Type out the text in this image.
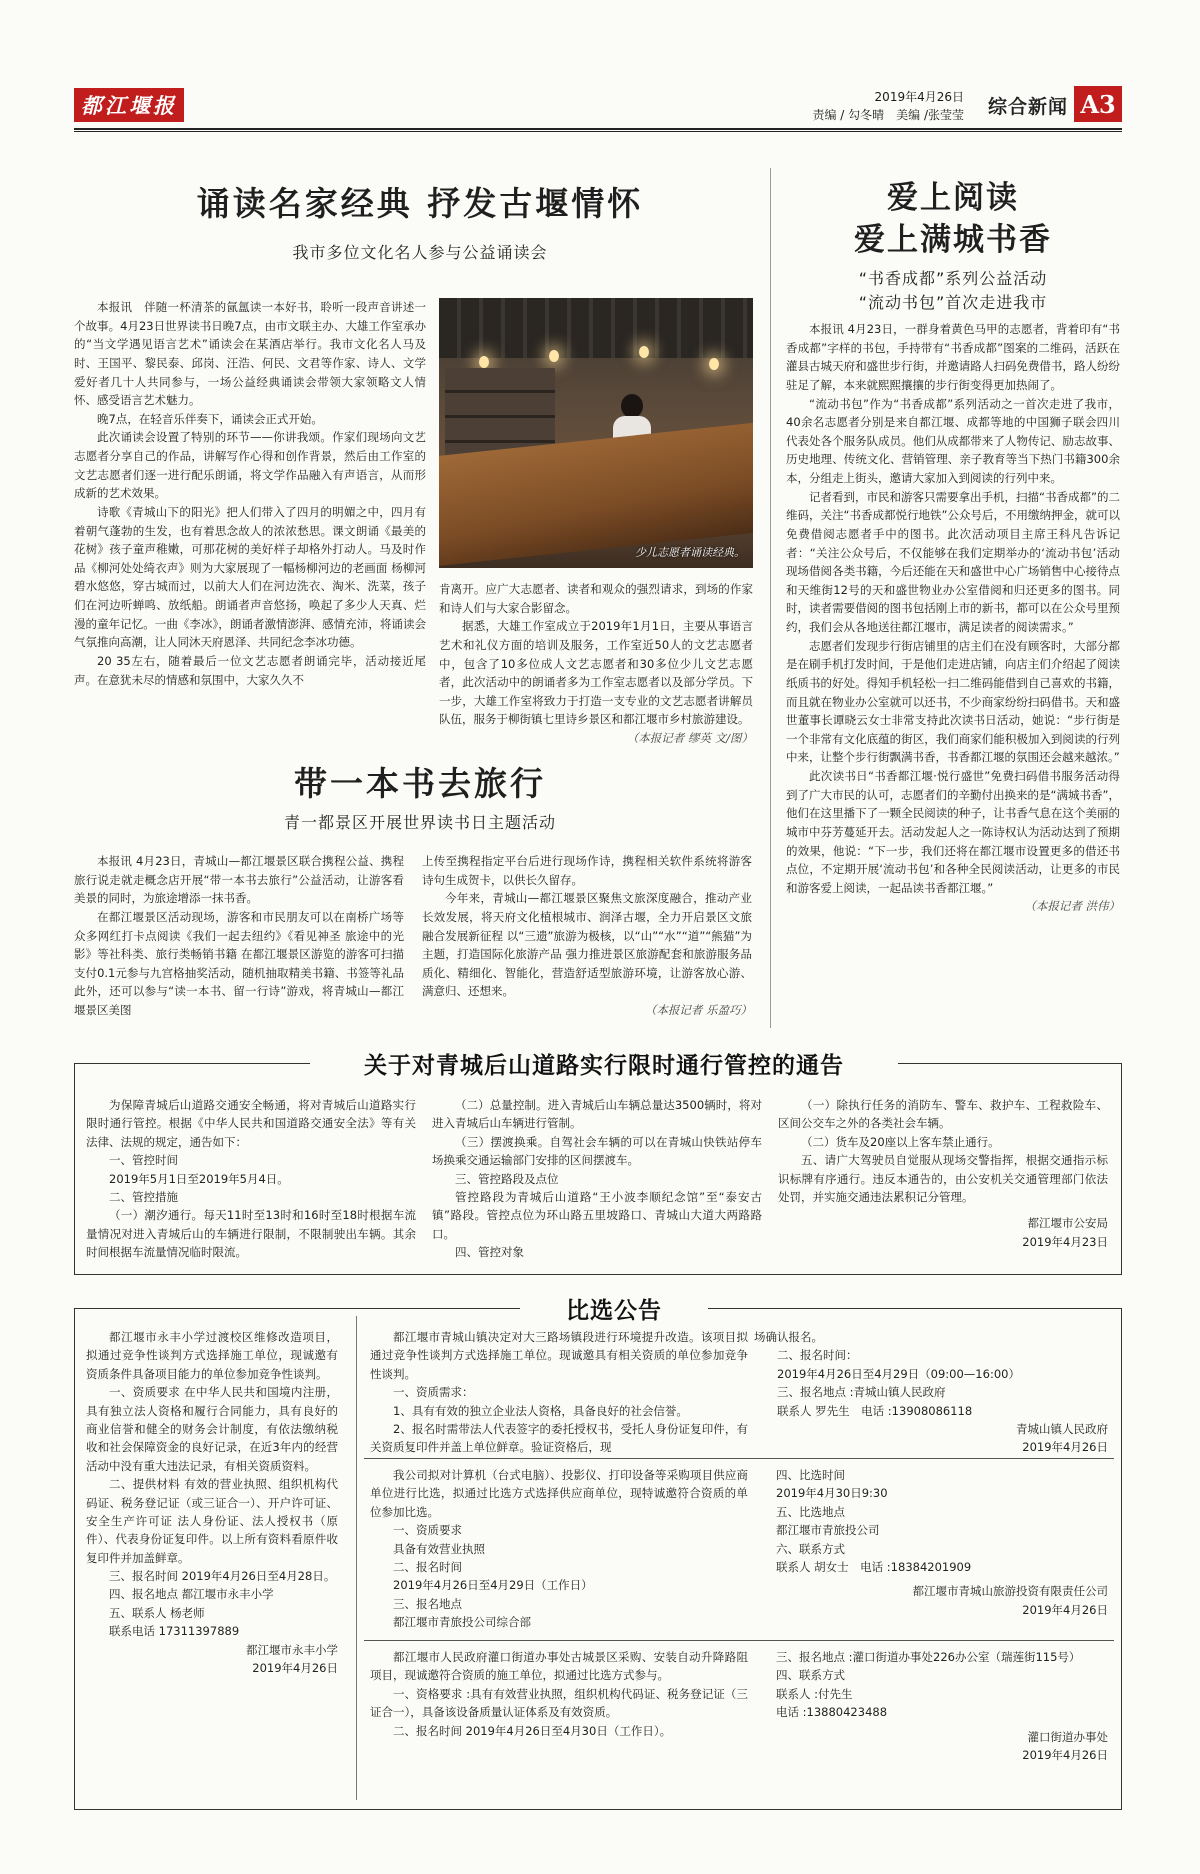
都江堰报	2019年4月26日
责编 / 勾冬晴　美编 /张莹莹 综合新闻 A3
诵读名家经典 抒发古堰情怀
我市多位文化名人参与公益诵读会

本报讯　伴随一杯清茶的氤氲读一本好书，聆听一段声音讲述一个故事。4月23日世界读书日晚7点，由市文联主办、大雄工作室承办的“当文学遇见语言艺术”诵读会在某酒店举行。我市文化名人马及时、王国平、黎民泰、邱岗、汪浩、何民、文君等作家、诗人、文学爱好者几十人共同参与，一场公益经典诵读会带领大家领略文人情怀、感受语言艺术魅力。

晚7点，在轻音乐伴奏下，诵读会正式开始。

此次诵读会设置了特别的环节——你讲我颂。作家们现场向文艺志愿者分享自己的作品，讲解写作心得和创作背景，然后由工作室的文艺志愿者们逐一进行配乐朗诵，将文学作品融入有声语言，从而形成新的艺术效果。

诗歌《青城山下的阳光》把人们带入了四月的明媚之中，四月有着朝气蓬勃的生发，也有着思念故人的浓浓愁思。课文朗诵《最美的花树》孩子童声稚嫩，可那花树的美好样子却格外打动人。马及时作品《柳河处处绮衣声》则为大家展现了一幅杨柳河边的老画面 杨柳河碧水悠悠，穿古城而过，以前大人们在河边洗衣、淘米、洗菜，孩子们在河边听蝉鸣、放纸船。朗诵者声音悠扬，唤起了多少人天真、烂漫的童年记忆。一曲《李冰》，朗诵者激情澎湃、感情充沛，将诵读会气氛推向高潮，让人同沐天府恩泽、共同纪念李冰功德。

20 35左右，随着最后一位文艺志愿者朗诵完毕，活动接近尾声。在意犹未尽的情感和氛围中，大家久久不

少儿志愿者诵读经典。

肯离开。应广大志愿者、读者和观众的强烈请求，到场的作家和诗人们与大家合影留念。

据悉，大雄工作室成立于2019年1月1日，主要从事语言艺术和礼仪方面的培训及服务，工作室近50人的文艺志愿者中，包含了10多位成人文艺志愿者和30多位少儿文艺志愿者，此次活动中的朗诵者多为工作室志愿者以及部分学员。下一步，大雄工作室将致力于打造一支专业的文艺志愿者讲解员队伍，服务于柳街镇七里诗乡景区和都江堰市乡村旅游建设。

（本报记者 缪英 文/图）
带一本书去旅行
青一都景区开展世界读书日主题活动

本报讯 4月23日，青城山—都江堰景区联合携程公益、携程旅行说走就走概念店开展“带一本书去旅行”公益活动，让游客看美景的同时，为旅途增添一抹书香。

在都江堰景区活动现场，游客和市民朋友可以在南桥广场等众多网红打卡点阅读《我们一起去纽约》《看见神圣 旅途中的光影》等社科类、旅行类畅销书籍 在都江堰景区游览的游客可扫描支付0.1元参与九宫格抽奖活动，随机抽取精美书籍、书签等礼品 此外，还可以参与“读一本书、留一行诗”游戏，将青城山—都江堰景区美图

上传至携程指定平台后进行现场作诗，携程相关软件系统将游客诗句生成贺卡，以供长久留存。

今年来，青城山—都江堰景区聚焦文旅深度融合，推动产业长效发展，将天府文化植根城市、润泽古堰，全力开启景区文旅融合发展新征程 以“三遗”旅游为极核，以“山”“水”“道”“熊猫”为主题，打造国际化旅游产品 强力推进景区旅游配套和旅游服务品质化、精细化、智能化，营造舒适型旅游环境，让游客放心游、满意归、还想来。

（本报记者 乐盈巧）
爱上阅读
爱上满城书香
“书香成都”系列公益活动
“流动书包”首次走进我市

本报讯 4月23日，一群身着黄色马甲的志愿者，背着印有“书香成都”字样的书包，手持带有“书香成都”图案的二维码，活跃在灌县古城天府和盛世步行街，并邀请路人扫码免费借书，路人纷纷驻足了解，本来就熙熙攘攘的步行街变得更加热闹了。

“流动书包”作为“书香成都”系列活动之一首次走进了我市，40余名志愿者分别是来自都江堰、成都等地的中国狮子联会四川代表处各个服务队成员。他们从成都带来了人物传记、励志故事、历史地理、传统文化、营销管理、亲子教育等当下热门书籍300余本，分组走上街头，邀请大家加入到阅读的行列中来。

记者看到，市民和游客只需要拿出手机，扫描“书香成都”的二维码，关注“书香成都悦行地铁”公众号后，不用缴纳押金，就可以免费借阅志愿者手中的图书。此次活动项目主席王科凡告诉记者：“关注公众号后，不仅能够在我们定期举办的‘流动书包’活动现场借阅各类书籍，今后还能在天和盛世中心广场销售中心接待点和天维街12号的天和盛世物业办公室借阅和归还更多的图书。同时，读者需要借阅的图书包括刚上市的新书，都可以在公众号里预约，我们会从各地送往都江堰市，满足读者的阅读需求。”

志愿者们发现步行街店铺里的店主们在没有顾客时，大部分都是在刷手机打发时间，于是他们走进店铺，向店主们介绍起了阅读纸质书的好处。得知手机轻松一扫二维码能借到自己喜欢的书籍，而且就在物业办公室就可以还书，不少商家纷纷扫码借书。天和盛世董事长谭晓云女士非常支持此次读书日活动，她说：“步行街是一个非常有文化底蕴的街区，我们商家们能积极加入到阅读的行列中来，让整个步行街飘满书香，书香都江堰的氛围还会越来越浓。”

此次读书日“书香都江堰·悦行盛世”免费扫码借书服务活动得到了广大市民的认可，志愿者们的辛勤付出换来的是“满城书香”，他们在这里播下了一颗全民阅读的种子，让书香气息在这个美丽的城市中芬芳蔓延开去。活动发起人之一陈诗权认为活动达到了预期的效果，他说：“下一步，我们还将在都江堰市设置更多的借还书点位，不定期开展‘流动书包’和各种全民阅读活动，让更多的市民和游客爱上阅读，一起品读书香都江堰。”

（本报记者 洪伟）
关于对青城后山道路实行限时通行管控的通告

为保障青城后山道路交通安全畅通，将对青城后山道路实行限时通行管控。根据《中华人民共和国道路交通安全法》等有关法律、法规的规定，通告如下：

一、管控时间

2019年5月1日至2019年5月4日。

二、管控措施

（一）潮汐通行。每天11时至13时和16时至18时根据车流量情况对进入青城后山的车辆进行限制，不限制驶出车辆。其余时间根据车流量情况临时限流。

（二）总量控制。进入青城后山车辆总量达3500辆时，将对进入青城后山车辆进行管制。

（三）摆渡换乘。自驾社会车辆的可以在青城山快铁站停车场换乘交通运输部门安排的区间摆渡车。

三、管控路段及点位

管控路段为青城后山道路“王小波李顺纪念馆”至“泰安古镇”路段。管控点位为环山路五里坡路口、青城山大道大两路路口。

四、管控对象

（一）除执行任务的消防车、警车、救护车、工程救险车、区间公交车之外的各类社会车辆。

（二）货车及20座以上客车禁止通行。

五、请广大驾驶员自觉服从现场交警指挥，根据交通指示标识标牌有序通行。违反本通告的，由公安机关交通管理部门依法处罚，并实施交通违法累积记分管理。

都江堰市公安局

2019年4月23日

比选公告

都江堰市永丰小学过渡校区维修改造项目，拟通过竞争性谈判方式选择施工单位，现诚邀有资质条件具备项目能力的单位参加竞争性谈判。

一、资质要求 在中华人民共和国境内注册，具有独立法人资格和履行合同能力，具有良好的商业信誉和健全的财务会计制度，有依法缴纳税收和社会保障资金的良好记录，在近3年内的经营活动中没有重大违法记录，有相关资质资料。

二、提供材料 有效的营业执照、组织机构代码证、税务登记证（或三证合一）、开户许可证、安全生产许可证 法人身份证、法人授权书（原件）、代表身份证复印件。以上所有资料看原件收复印件并加盖鲜章。

三、报名时间 2019年4月26日至4月28日。

四、报名地点 都江堰市永丰小学

五、联系人 杨老师

联系电话 17311397889

都江堰市永丰小学

2019年4月26日

都江堰市青城山镇决定对大三路场镇段进行环境提升改造。该项目拟通过竞争性谈判方式选择施工单位。现诚邀具有相关资质的单位参加竞争性谈判。

一、资质需求：

1、具有有效的独立企业法人资格，具备良好的社会信誉。

2、报名时需带法人代表签字的委托授权书，受托人身份证复印件，有关资质复印件并盖上单位鲜章。验证资格后，现

场确认报名。

二、报名时间：

2019年4月26日至4月29日（09:00—16:00）

三、报名地点 :青城山镇人民政府

联系人 罗先生　电话 :13908086118

青城山镇人民政府

2019年4月26日

我公司拟对计算机（台式电脑）、投影仪、打印设备等采购项目供应商单位进行比选，拟通过比选方式选择供应商单位，现特诚邀符合资质的单位参加比选。

一、资质要求

具备有效营业执照

二、报名时间

2019年4月26日至4月29日（工作日）

三、报名地点

都江堰市青旅投公司综合部

四、比选时间

2019年4月30日9:30

五、比选地点

都江堰市青旅投公司

六、联系方式

联系人 胡女士　电话 :18384201909

都江堰市青城山旅游投资有限责任公司

2019年4月26日

都江堰市人民政府灌口街道办事处古城景区采购、安装自动升降路阻项目，现诚邀符合资质的施工单位，拟通过比选方式参与。

一、资格要求 :具有有效营业执照，组织机构代码证、税务登记证（三证合一），具备该设备质量认证体系及有效资质。

二、报名时间 2019年4月26日至4月30日（工作日）。

三、报名地点 :灌口街道办事处226办公室（瑞莲街115号）

四、联系方式

联系人 :付先生

电话 :13880423488

灌口街道办事处

2019年4月26日
